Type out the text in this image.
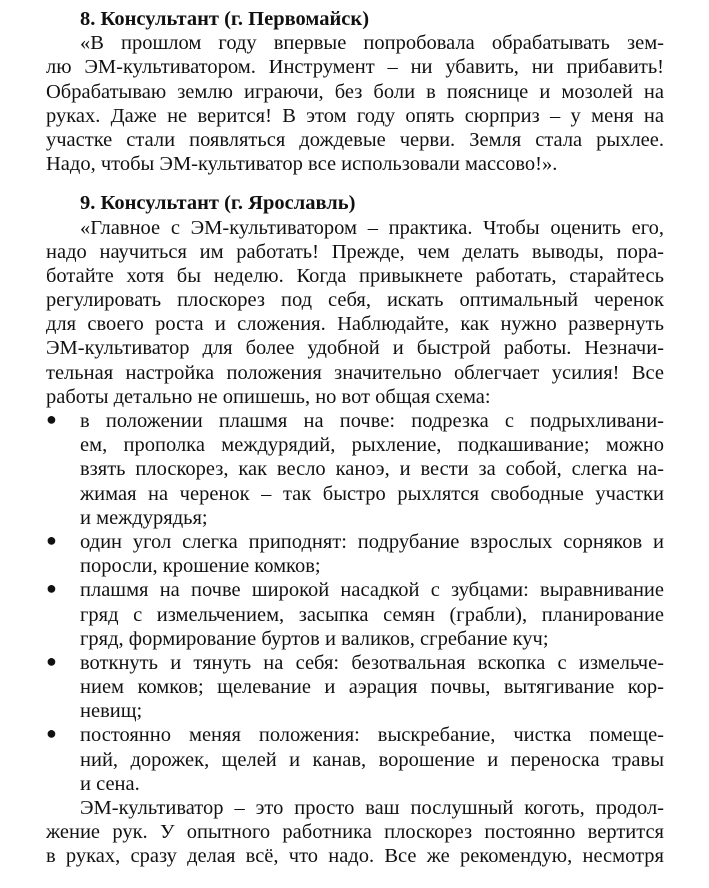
8. Консультант (г. Первомайск)
«В прошлом году впервые попробовала обрабатывать зем-
лю ЭМ-культиватором. Инструмент – ни убавить, ни прибавить!
Обрабатываю землю играючи, без боли в пояснице и мозолей на
руках. Даже не верится! В этом году опять сюрприз – у меня на
участке стали появляться дождевые черви. Земля стала рыхлее.
Надо, чтобы ЭМ-культиватор все использовали массово!».
9. Консультант (г. Ярославль)
«Главное с ЭМ-культиватором – практика. Чтобы оценить его,
надо научиться им работать! Прежде, чем делать выводы, пора-
ботайте хотя бы неделю. Когда привыкнете работать, старайтесь
регулировать плоскорез под себя, искать оптимальный черенок
для своего роста и сложения. Наблюдайте, как нужно развернуть
ЭМ-культиватор для более удобной и быстрой работы. Незначи-
тельная настройка положения значительно облегчает усилия! Все
работы детально не опишешь, но вот общая схема:
● в положении плашмя на почве: подрезка с подрыхливани-
ем, прополка междурядий, рыхление, подкашивание; можно
взять плоскорез, как весло каноэ, и вести за собой, слегка на-
жимая на черенок – так быстро рыхлятся свободные участки
и междурядья;
● один угол слегка приподнят: подрубание взрослых сорняков и
поросли, крошение комков;
● плашмя на почве широкой насадкой с зубцами: выравнивание
гряд с измельчением, засыпка семян (грабли), планирование
гряд, формирование буртов и валиков, сгребание куч;
● воткнуть и тянуть на себя: безотвальная вскопка с измельче-
нием комков; щелевание и аэрация почвы, вытягивание кор-
невищ;
● постоянно меняя положения: выскребание, чистка помеще-
ний, дорожек, щелей и канав, ворошение и переноска травы
и сена.
ЭМ-культиватор – это просто ваш послушный коготь, продол-
жение рук. У опытного работника плоскорез постоянно вертится
в руках, сразу делая всё, что надо. Все же рекомендую, несмотря
